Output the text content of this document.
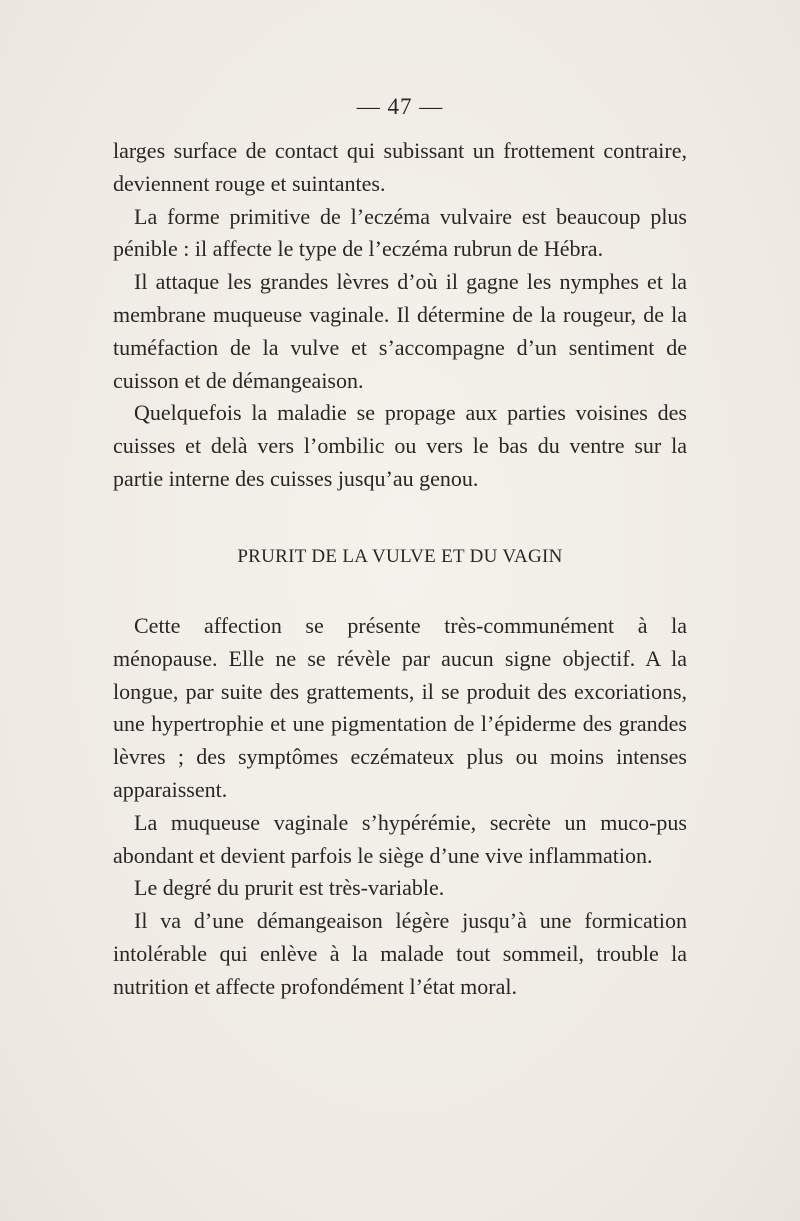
— 47 —

larges surface de contact qui subissant un frottement contraire, deviennent rouge et suintantes.

La forme primitive de l’eczéma vulvaire est beaucoup plus pénible : il affecte le type de l’eczéma rubrun de Hébra.

Il attaque les grandes lèvres d’où il gagne les nymphes et la membrane muqueuse vaginale. Il détermine de la rougeur, de la tuméfaction de la vulve et s’accompagne d’un sentiment de cuisson et de démangeaison.

Quelquefois la maladie se propage aux parties voisines des cuisses et delà vers l’ombilic ou vers le bas du ventre sur la partie interne des cuisses jusqu’au genou.

PRURIT DE LA VULVE ET DU VAGIN

Cette affection se présente très-communément à la ménopause. Elle ne se révèle par aucun signe objectif. A la longue, par suite des grattements, il se produit des excoriations, une hypertrophie et une pigmentation de l’épiderme des grandes lèvres ; des symptômes eczémateux plus ou moins intenses apparaissent.

La muqueuse vaginale s’hypérémie, secrète un muco-pus abondant et devient parfois le siège d’une vive inflammation.

Le degré du prurit est très-variable.

Il va d’une démangeaison légère jusqu’à une formication intolérable qui enlève à la malade tout sommeil, trouble la nutrition et affecte profondément l’état moral.
